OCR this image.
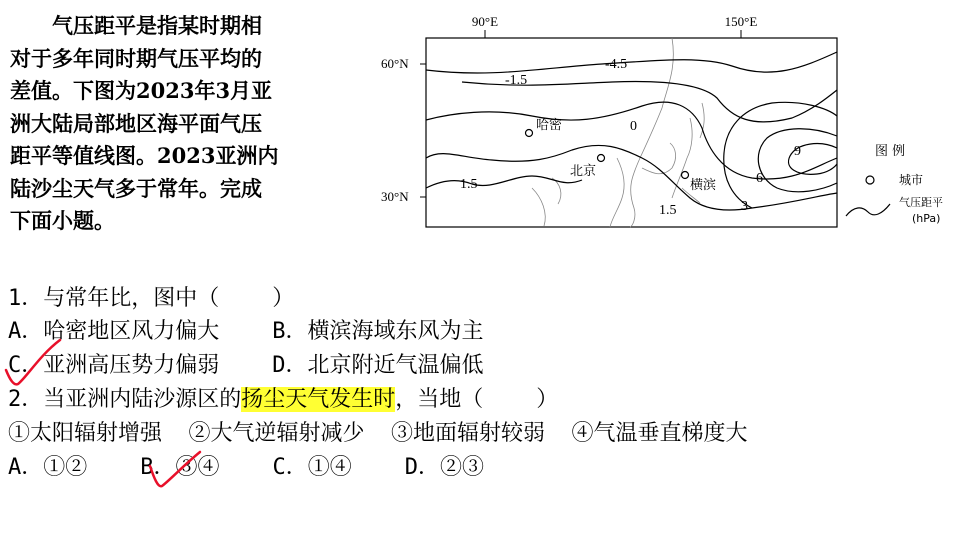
气压距平是指某时期相

对于多年同时期气压平均的

差值。下图为2023年3月亚

洲大陆局部地区海平面气压

距平等值线图。2023亚洲内

陆沙尘天气多于常年。完成

下面小题。

90°E	150°E
60°N
30°N
-4.5
-1.5
0
1.5
3
6
9
1.5
哈密
北京
横滨
图 例
城市
气压距平
(hPa)
1．与常年比，图中（    ）
A．哈密地区风力偏大 B．横滨海域东风为主
C．亚洲高压势力偏弱 D．北京附近气温偏低
2．当亚洲内陆沙源区的扬尘天气发生时，当地（    ）
①太阳辐射增强  ②大气逆辐射减少  ③地面辐射较弱  ④气温垂直梯度大
A．①② B．③④ C．①④ D．②③
